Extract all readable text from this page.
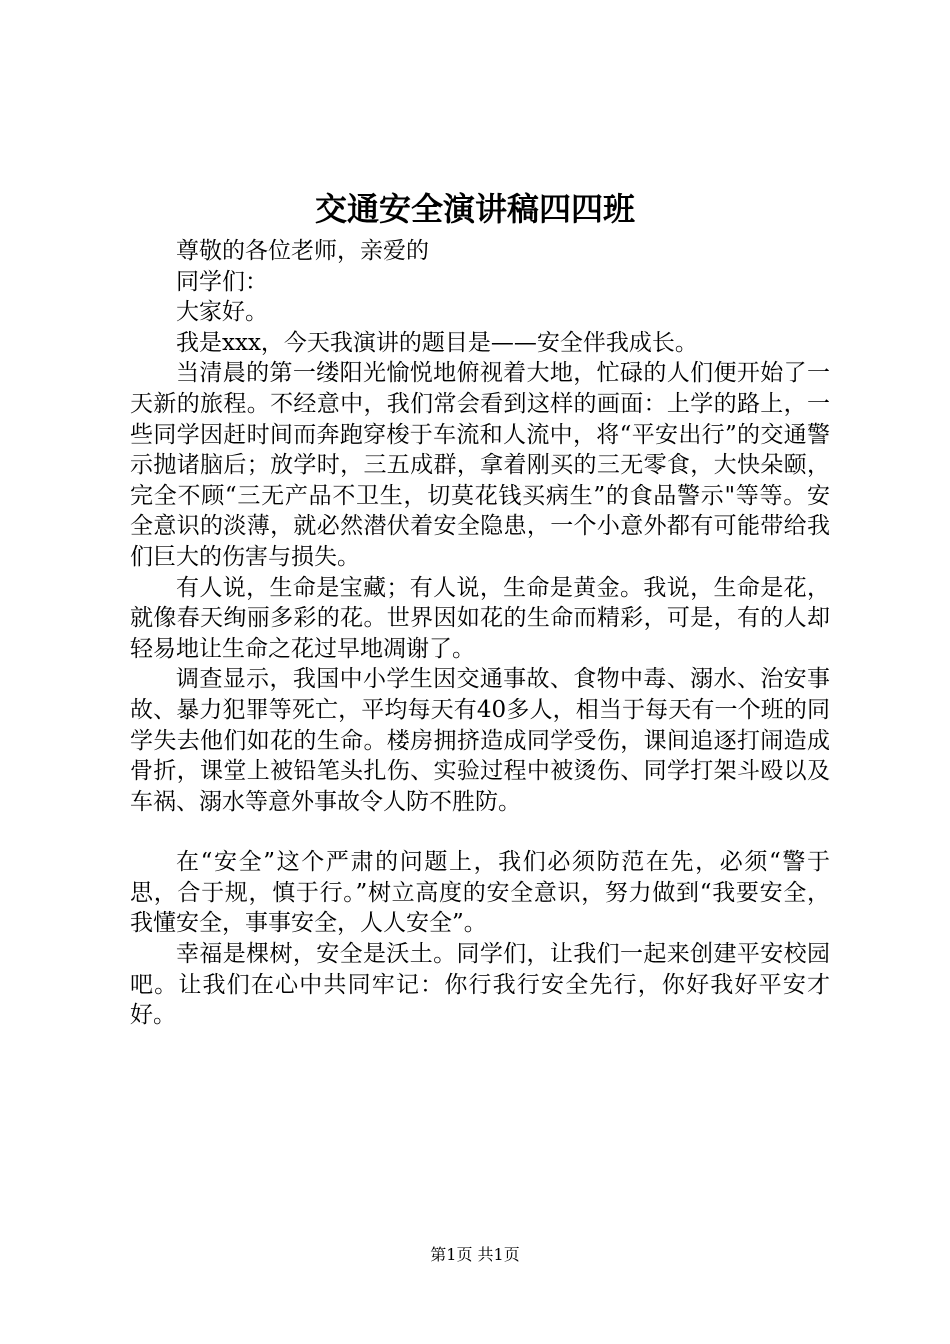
交通安全演讲稿四四班

尊敬的各位老师，亲爱的

同学们：

大家好。

我是xxx，今天我演讲的题目是——安全伴我成长。

当清晨的第一缕阳光愉悦地俯视着大地，忙碌的人们便开始了一天新的旅程。不经意中，我们常会看到这样的画面：上学的路上，一些同学因赶时间而奔跑穿梭于车流和人流中，将“平安出行”的交通警示抛诸脑后；放学时，三五成群，拿着刚买的三无零食，大快朵颐，完全不顾“三无产品不卫生，切莫花钱买病生”的食品警示"等等。安全意识的淡薄，就必然潜伏着安全隐患，一个小意外都有可能带给我们巨大的伤害与损失。

有人说，生命是宝藏；有人说，生命是黄金。我说，生命是花，就像春天绚丽多彩的花。世界因如花的生命而精彩，可是，有的人却轻易地让生命之花过早地凋谢了。

调查显示，我国中小学生因交通事故、食物中毒、溺水、治安事故、暴力犯罪等死亡，平均每天有40多人，相当于每天有一个班的同学失去他们如花的生命。楼房拥挤造成同学受伤，课间追逐打闹造成骨折，课堂上被铅笔头扎伤、实验过程中被烫伤、同学打架斗殴以及车祸、溺水等意外事故令人防不胜防。

在“安全”这个严肃的问题上，我们必须防范在先，必须“警于思，合于规，慎于行。”树立高度的安全意识，努力做到“我要安全，我懂安全，事事安全，人人安全”。

幸福是棵树，安全是沃土。同学们，让我们一起来创建平安校园吧。让我们在心中共同牢记：你行我行安全先行，你好我好平安才好。

第1页 共1页
